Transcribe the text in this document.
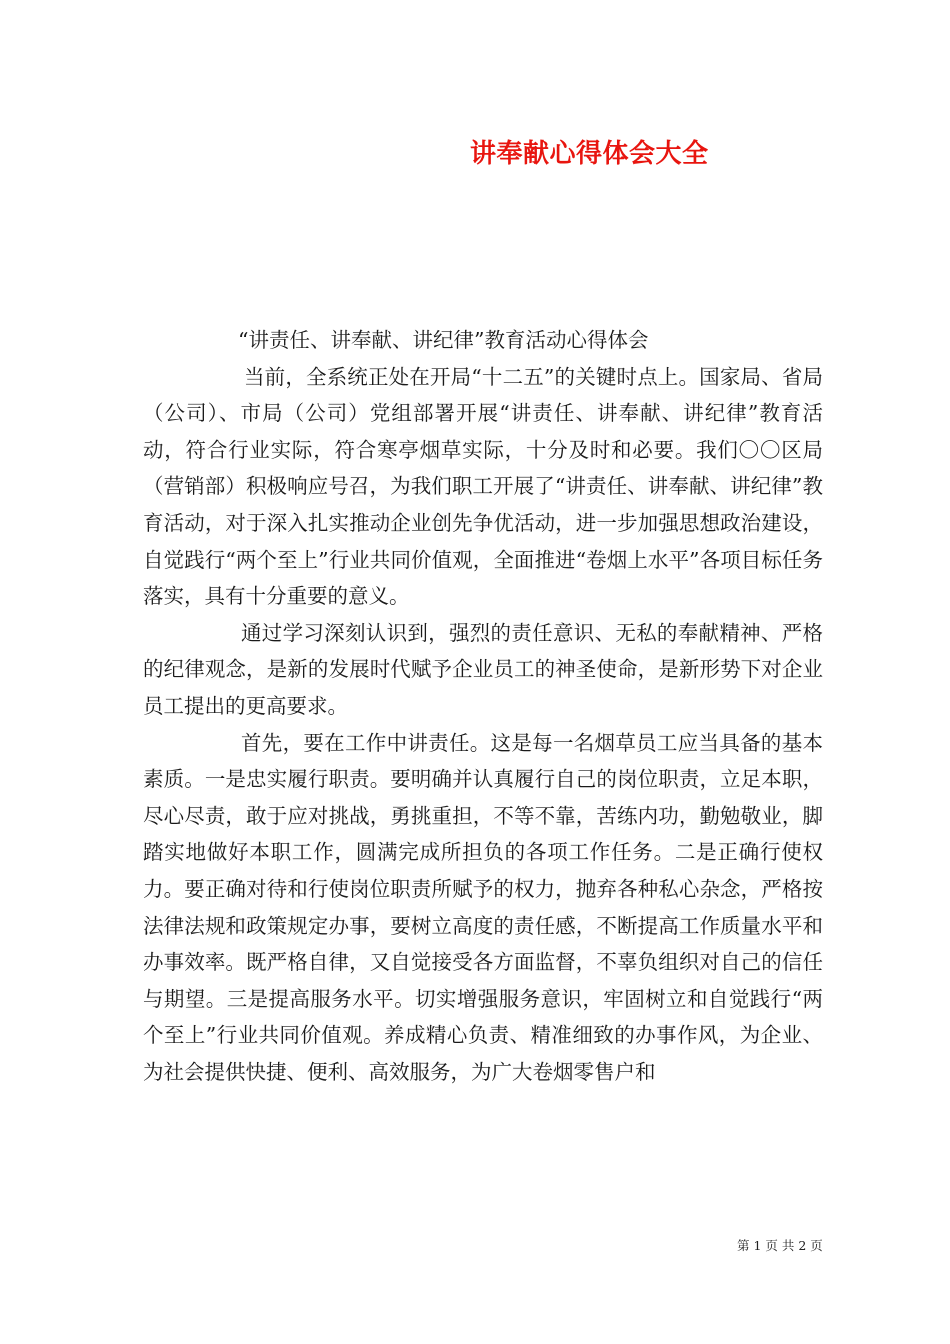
讲奉献心得体会大全

“讲责任、讲奉献、讲纪律”教育活动心得体会

当前，全系统正处在开局“十二五”的关键时点上。国家局、省局（公司）、市局（公司）党组部署开展“讲责任、讲奉献、讲纪律”教育活动，符合行业实际，符合寒亭烟草实际，十分及时和必要。我们〇〇区局（营销部）积极响应号召，为我们职工开展了“讲责任、讲奉献、讲纪律”教育活动，对于深入扎实推动企业创先争优活动，进一步加强思想政治建设，自觉践行“两个至上”行业共同价值观，全面推进“卷烟上水平”各项目标任务落实，具有十分重要的意义。

通过学习深刻认识到，强烈的责任意识、无私的奉献精神、严格的纪律观念，是新的发展时代赋予企业员工的神圣使命，是新形势下对企业员工提出的更高要求。

首先，要在工作中讲责任。这是每一名烟草员工应当具备的基本素质。一是忠实履行职责。要明确并认真履行自己的岗位职责，立足本职，尽心尽责，敢于应对挑战，勇挑重担，不等不靠，苦练内功，勤勉敬业，脚踏实地做好本职工作，圆满完成所担负的各项工作任务。二是正确行使权力。要正确对待和行使岗位职责所赋予的权力，抛弃各种私心杂念，严格按法律法规和政策规定办事，要树立高度的责任感，不断提高工作质量水平和办事效率。既严格自律，又自觉接受各方面监督，不辜负组织对自己的信任与期望。三是提高服务水平。切实增强服务意识，牢固树立和自觉践行“两个至上”行业共同价值观。养成精心负责、精准细致的办事作风，为企业、为社会提供快捷、便利、高效服务，为广大卷烟零售户和

第 1 页 共 2 页
